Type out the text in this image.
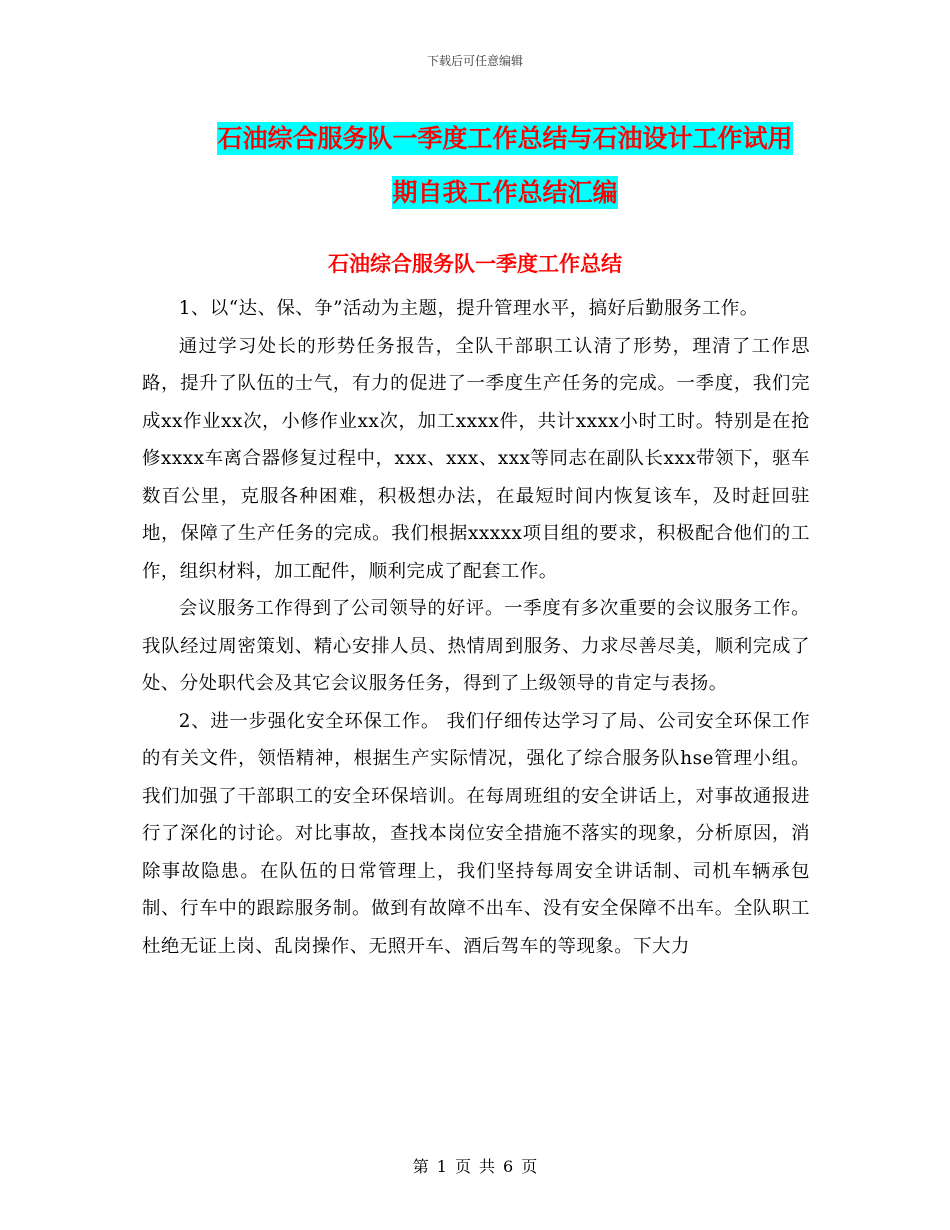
下载后可任意编辑
石油综合服务队一季度工作总结与石油设计工作试用
期自我工作总结汇编
石油综合服务队一季度工作总结

1、以“达、保、争”活动为主题，提升管理水平，搞好后勤服务工作。

通过学习处长的形势任务报告，全队干部职工认清了形势，理清了工作思路，提升了队伍的士气，有力的促进了一季度生产任务的完成。一季度，我们完成xx作业xx次，小修作业xx次，加工xxxx件，共计xxxx小时工时。特别是在抢修xxxx车离合器修复过程中，xxx、xxx、xxx等同志在副队长xxx带领下，驱车数百公里，克服各种困难，积极想办法，在最短时间内恢复该车，及时赶回驻地，保障了生产任务的完成。我们根据xxxxx项目组的要求，积极配合他们的工作，组织材料，加工配件，顺利完成了配套工作。

会议服务工作得到了公司领导的好评。一季度有多次重要的会议服务工作。我队经过周密策划、精心安排人员、热情周到服务、力求尽善尽美，顺利完成了处、分处职代会及其它会议服务任务，得到了上级领导的肯定与表扬。

2、进一步强化安全环保工作。 我们仔细传达学习了局、公司安全环保工作的有关文件，领悟精神，根据生产实际情况，强化了综合服务队hse管理小组。我们加强了干部职工的安全环保培训。在每周班组的安全讲话上，对事故通报进行了深化的讨论。对比事故，查找本岗位安全措施不落实的现象，分析原因，消除事故隐患。在队伍的日常管理上，我们坚持每周安全讲话制、司机车辆承包制、行车中的跟踪服务制。做到有故障不出车、没有安全保障不出车。全队职工杜绝无证上岗、乱岗操作、无照开车、酒后驾车的等现象。下大力

第 1 页 共 6 页
